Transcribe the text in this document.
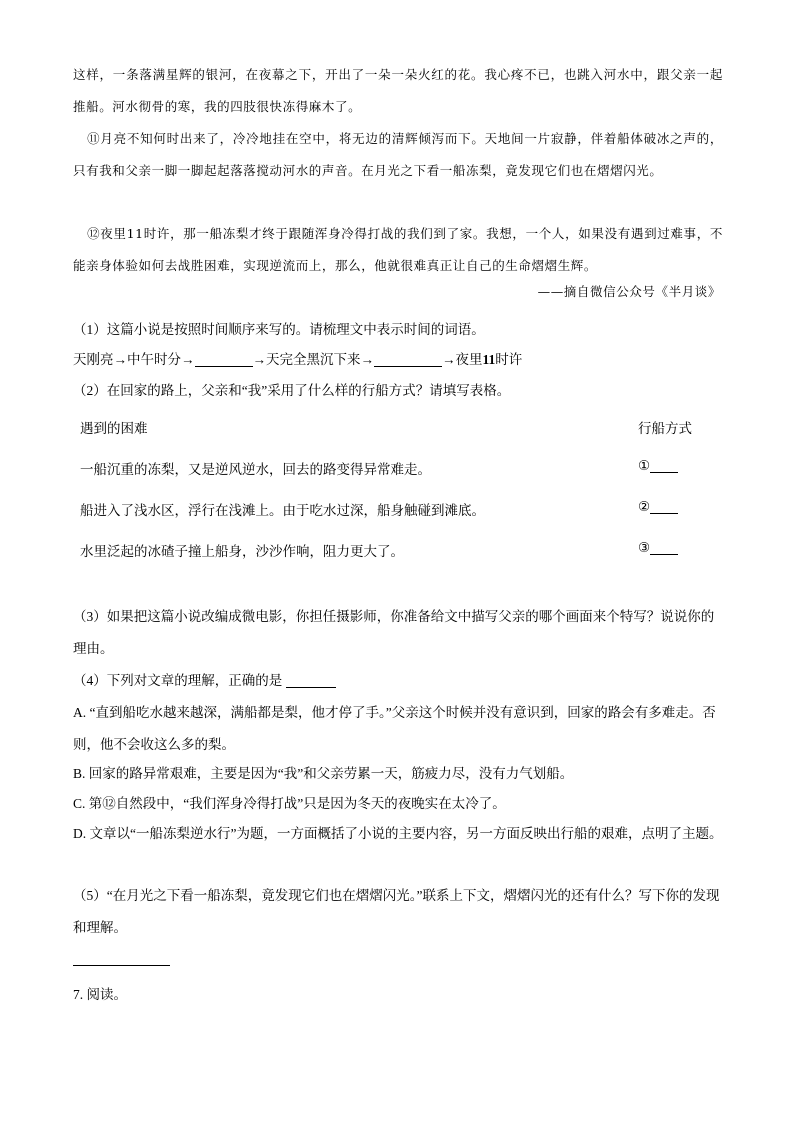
这样，一条落满星辉的银河，在夜幕之下，开出了一朵一朵火红的花。我心疼不已，也跳入河水中，跟父亲一起推船。河水彻骨的寒，我的四肢很快冻得麻木了。
⑪月亮不知何时出来了，冷冷地挂在空中，将无边的清辉倾泻而下。天地间一片寂静，伴着船体破冰之声的，只有我和父亲一脚一脚起起落落搅动河水的声音。在月光之下看一船冻梨，竟发现它们也在熠熠闪光。
⑫夜里11时许，那一船冻梨才终于跟随浑身冷得打战的我们到了家。我想，一个人，如果没有遇到过难事，不能亲身体验如何去战胜困难，实现逆流而上，那么，他就很难真正让自己的生命熠熠生辉。
——摘自微信公众号《半月谈》
（1）这篇小说是按照时间顺序来写的。请梳理文中表示时间的词语。
天刚亮→中午时分→	→天完全黑沉下来→	→夜里11时许
（2）在回家的路上，父亲和“我”采用了什么样的行船方式？请填写表格。
遇到的困难	行船方式
一船沉重的冻梨，又是逆风逆水，回去的路变得异常难走。	①
船进入了浅水区，浮行在浅滩上。由于吃水过深，船身触碰到滩底。	②
水里泛起的冰碴子撞上船身，沙沙作响，阻力更大了。	③
（3）如果把这篇小说改编成微电影，你担任摄影师，你准备给文中描写父亲的哪个画面来个特写？说说你的理由。
（4）下列对文章的理解，正确的是
A. “直到船吃水越来越深，满船都是梨，他才停了手。”父亲这个时候并没有意识到，回家的路会有多难走。否则，他不会收这么多的梨。
B. 回家的路异常艰难，主要是因为“我”和父亲劳累一天，筋疲力尽，没有力气划船。
C. 第⑫自然段中，“我们浑身冷得打战”只是因为冬天的夜晚实在太冷了。
D. 文章以“一船冻梨逆水行”为题，一方面概括了小说的主要内容，另一方面反映出行船的艰难，点明了主题。
（5）“在月光之下看一船冻梨，竟发现它们也在熠熠闪光。”联系上下文，熠熠闪光的还有什么？写下你的发现和理解。
7. 阅读。
